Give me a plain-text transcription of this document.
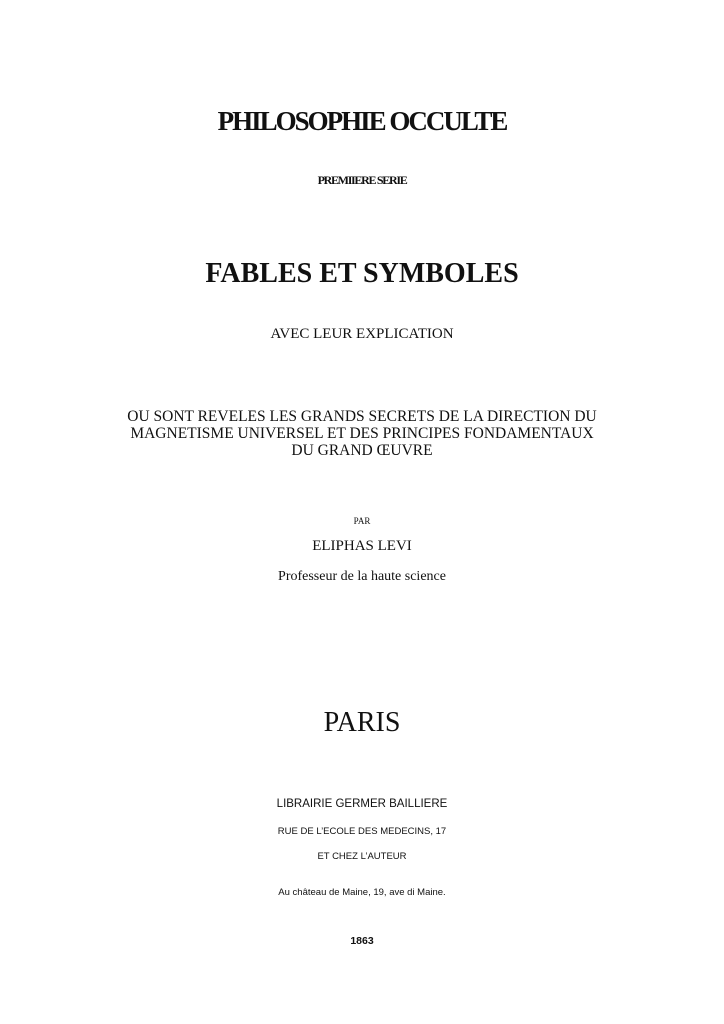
PHILOSOPHIE OCCULTE
PREMIIERE SERIE
FABLES ET SYMBOLES
AVEC LEUR EXPLICATION
OU SONT REVELES LES GRANDS SECRETS DE LA DIRECTION DU
MAGNETISME UNIVERSEL ET DES PRINCIPES FONDAMENTAUX
DU GRAND ŒUVRE
PAR
ELIPHAS LEVI
Professeur de la haute science
PARIS
LIBRAIRIE GERMER BAILLIERE
RUE DE L’ECOLE DES MEDECINS, 17
ET CHEZ L’AUTEUR
Au château de Maine, 19, ave di Maine.
1863
